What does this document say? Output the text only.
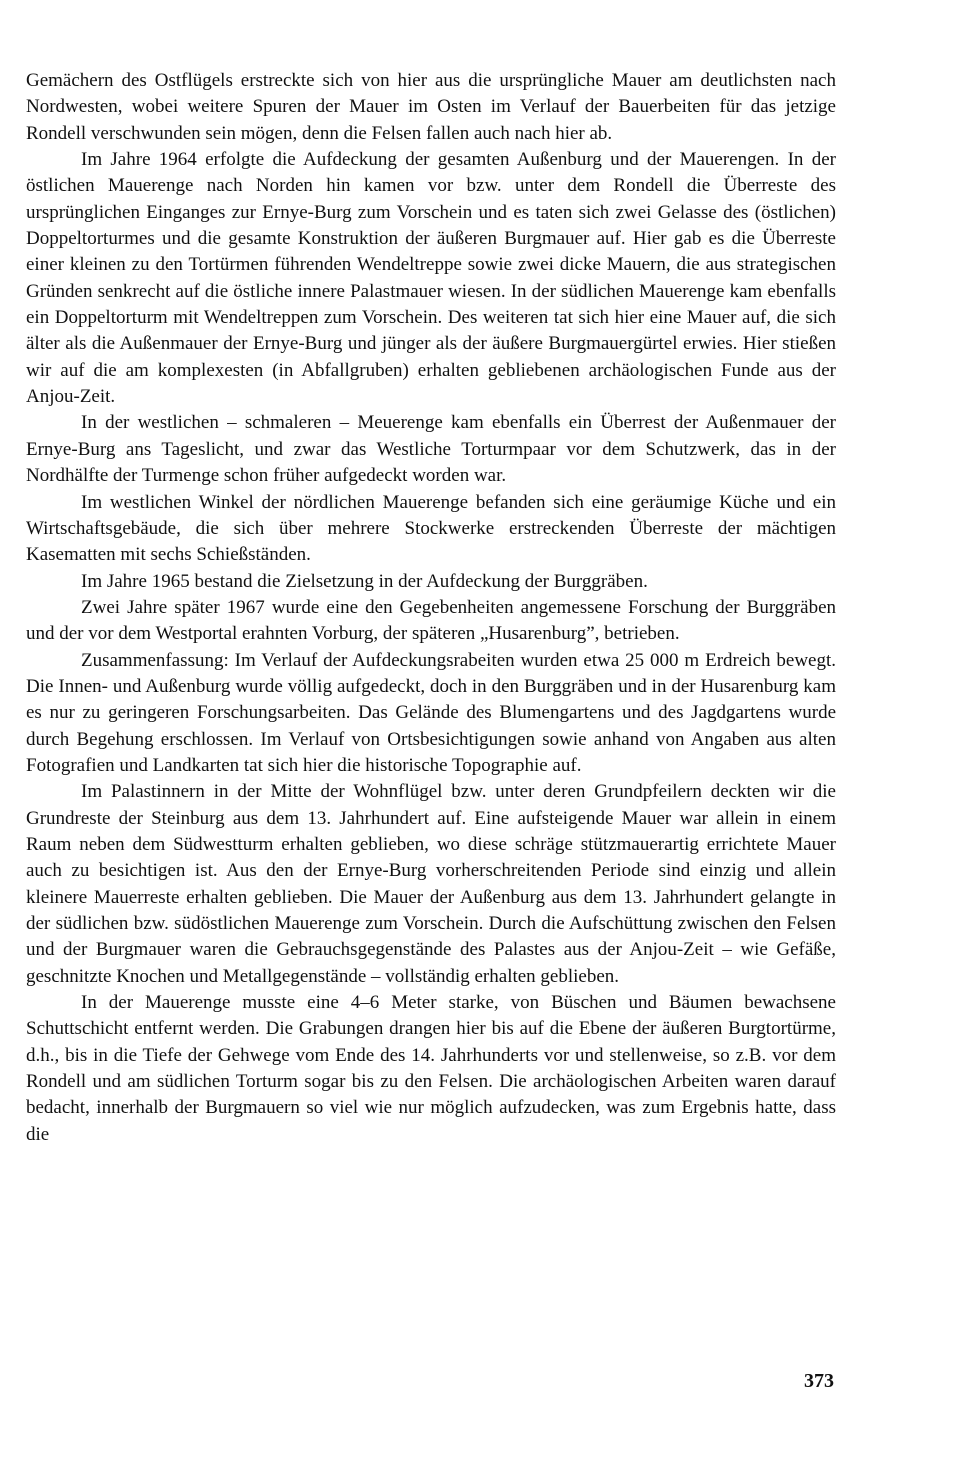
Gemächern des Ostflügels erstreckte sich von hier aus die ursprüngliche Mauer am deutlichsten nach Nordwesten, wobei weitere Spuren der Mauer im Osten im Verlauf der Bauerbeiten für das jetzige Rondell verschwunden sein mögen, denn die Felsen fallen auch nach hier ab.

Im Jahre 1964 erfolgte die Aufdeckung der gesamten Außenburg und der Mauerengen. In der östlichen Mauerenge nach Norden hin kamen vor bzw. unter dem Rondell die Überreste des ursprünglichen Einganges zur Ernye-Burg zum Vorschein und es taten sich zwei Gelasse des (östlichen) Doppeltorturmes und die gesamte Konstruktion der äußeren Burgmauer auf. Hier gab es die Überreste einer kleinen zu den Tortürmen führenden Wendeltreppe sowie zwei dicke Mauern, die aus strategischen Gründen senkrecht auf die östliche innere Palastmauer wiesen. In der südlichen Mauerenge kam ebenfalls ein Doppeltorturm mit Wendeltreppen zum Vorschein. Des weiteren tat sich hier eine Mauer auf, die sich älter als die Außenmauer der Ernye-Burg und jünger als der äußere Burgmauergürtel erwies. Hier stießen wir auf die am komplexesten (in Abfallgruben) erhalten gebliebenen archäologischen Funde aus der Anjou-Zeit.

In der westlichen – schmaleren – Meuerenge kam ebenfalls ein Überrest der Außenmauer der Ernye-Burg ans Tageslicht, und zwar das Westliche Torturmpaar vor dem Schutzwerk, das in der Nordhälfte der Turmenge schon früher aufgedeckt worden war.

Im westlichen Winkel der nördlichen Mauerenge befanden sich eine geräumige Küche und ein Wirtschaftsgebäude, die sich über mehrere Stockwerke erstreckenden Überreste der mächtigen Kasematten mit sechs Schießständen.

Im Jahre 1965 bestand die Zielsetzung in der Aufdeckung der Burggräben.

Zwei Jahre später 1967 wurde eine den Gegebenheiten angemessene Forschung der Burggräben und der vor dem Westportal erahnten Vorburg, der späteren „Husarenburg”, betrieben.

Zusammenfassung: Im Verlauf der Aufdeckungsrabeiten wurden etwa 25 000 m Erdreich bewegt. Die Innen- und Außenburg wurde völlig aufgedeckt, doch in den Burggräben und in der Husarenburg kam es nur zu geringeren Forschungsarbeiten. Das Gelände des Blumengartens und des Jagdgartens wurde durch Begehung erschlossen. Im Verlauf von Ortsbesichtigungen sowie anhand von Angaben aus alten Fotografien und Landkarten tat sich hier die historische Topographie auf.

Im Palastinnern in der Mitte der Wohnflügel bzw. unter deren Grundpfeilern deckten wir die Grundreste der Steinburg aus dem 13. Jahrhundert auf. Eine aufsteigende Mauer war allein in einem Raum neben dem Südwestturm erhalten geblieben, wo diese schräge stützmauerartig errichtete Mauer auch zu besichtigen ist. Aus den der Ernye-Burg vorherschreitenden Periode sind einzig und allein kleinere Mauerreste erhalten geblieben. Die Mauer der Außenburg aus dem 13. Jahrhundert gelangte in der südlichen bzw. südöstlichen Mauerenge zum Vorschein. Durch die Aufschüttung zwischen den Felsen und der Burgmauer waren die Gebrauchsgegenstände des Palastes aus der Anjou-Zeit – wie Gefäße, geschnitzte Knochen und Metallgegenstände – vollständig erhalten geblieben.

In der Mauerenge musste eine 4–6 Meter starke, von Büschen und Bäumen bewachsene Schuttschicht entfernt werden. Die Grabungen drangen hier bis auf die Ebene der äußeren Burgtortürme, d.h., bis in die Tiefe der Gehwege vom Ende des 14. Jahrhunderts vor und stellenweise, so z.B. vor dem Rondell und am südlichen Torturm sogar bis zu den Felsen. Die archäologischen Arbeiten waren darauf bedacht, innerhalb der Burgmauern so viel wie nur möglich aufzudecken, was zum Ergebnis hatte, dass die

373
